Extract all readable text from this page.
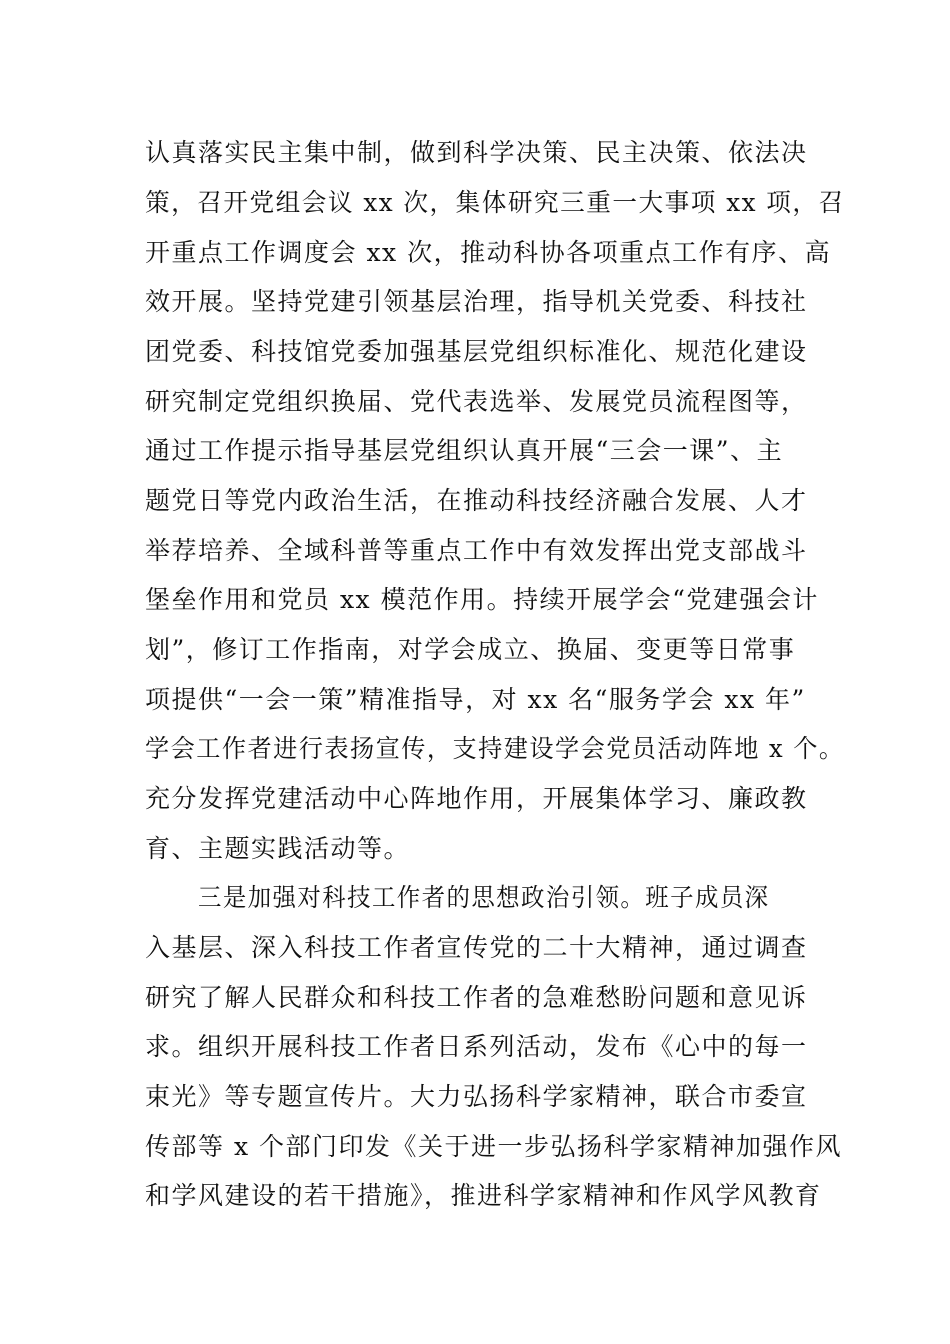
认真落实民主集中制，做到科学决策、民主决策、依法决
策，召开党组会议 xx 次，集体研究三重一大事项 xx 项，召
开重点工作调度会 xx 次，推动科协各项重点工作有序、高
效开展。坚持党建引领基层治理，指导机关党委、科技社
团党委、科技馆党委加强基层党组织标准化、规范化建设
研究制定党组织换届、党代表选举、发展党员流程图等，
通过工作提示指导基层党组织认真开展“三会一课”、主
题党日等党内政治生活，在推动科技经济融合发展、人才
举荐培养、全域科普等重点工作中有效发挥出党支部战斗
堡垒作用和党员 xx 模范作用。持续开展学会“党建强会计
划”，修订工作指南，对学会成立、换届、变更等日常事
项提供“一会一策”精准指导，对 xx 名“服务学会 xx 年”
学会工作者进行表扬宣传，支持建设学会党员活动阵地 x 个。
充分发挥党建活动中心阵地作用，开展集体学习、廉政教
育、主题实践活动等。
三是加强对科技工作者的思想政治引领。班子成员深
入基层、深入科技工作者宣传党的二十大精神，通过调查
研究了解人民群众和科技工作者的急难愁盼问题和意见诉
求。组织开展科技工作者日系列活动，发布《心中的每一
束光》等专题宣传片。大力弘扬科学家精神，联合市委宣
传部等 x 个部门印发《关于进一步弘扬科学家精神加强作风
和学风建设的若干措施》，推进科学家精神和作风学风教育
